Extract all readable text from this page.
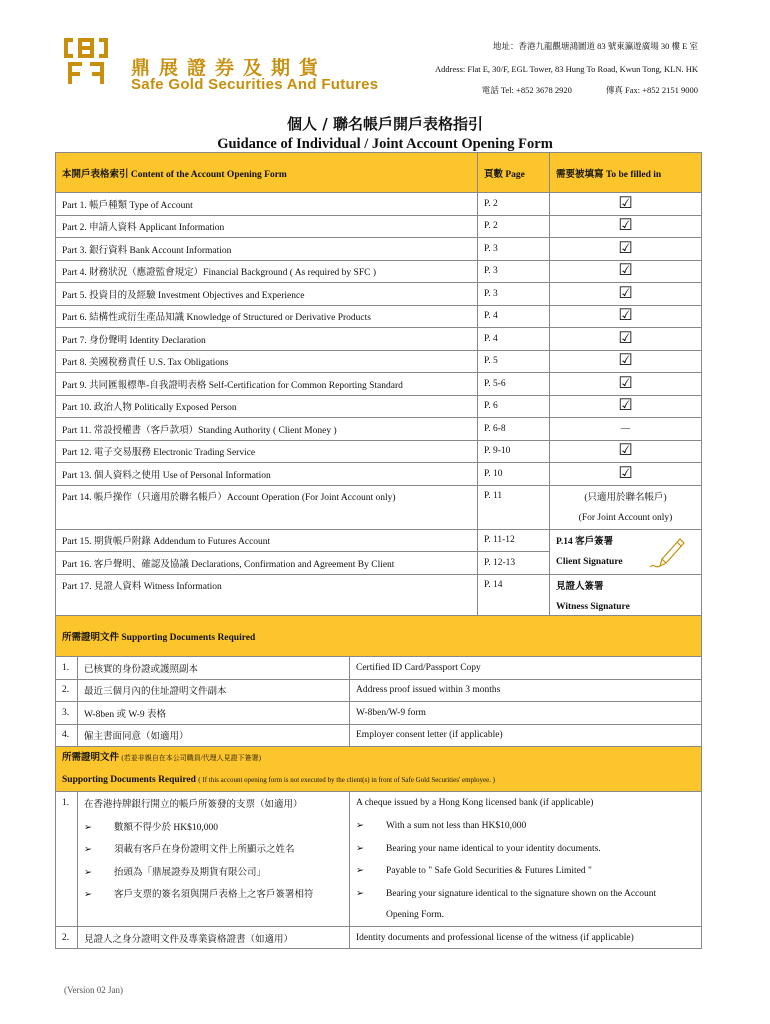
鼎展證券及期貨
Safe Gold Securities And Futures
地址：香港九龍觀塘鴻圖道 83 號東瀛遊廣場 30 樓 E 室
Address: Flat E, 30/F, EGL Tower, 83 Hung To Road, Kwun Tong, KLN. HK
電話 Tel: +852 3678 2920	傳真 Fax: +852 2151 9000
個人 / 聯名帳戶開戶表格指引
Guidance of Individual / Joint Account Opening Form
本開戶表格索引 Content of the Account Opening Form	頁數 Page	需要被填寫 To be filled in
Part 1. 帳戶種類 Type of Account	P. 2	☑
Part 2. 申請人資料 Applicant Information	P. 2	☑
Part 3. 銀行資料 Bank Account Information	P. 3	☑
Part 4. 財務狀況（應證監會規定）Financial Background ( As required by SFC )	P. 3	☑
Part 5. 投資目的及經驗 Investment Objectives and Experience	P. 3	☑
Part 6. 結構性或衍生產品知識 Knowledge of Structured or Derivative Products	P. 4	☑
Part 7. 身份聲明 Identity Declaration	P. 4	☑
Part 8. 美國稅務責任 U.S. Tax Obligations	P. 5	☑
Part 9. 共同匯報標準-自我證明表格 Self-Certification for Common Reporting Standard	P. 5-6	☑
Part 10. 政治人物 Politically Exposed Person	P. 6	☑
Part 11. 常設授權書（客戶款項）Standing Authority ( Client Money )	P. 6-8	—
Part 12. 電子交易服務 Electronic Trading Service	P. 9-10	☑
Part 13. 個人資料之使用 Use of Personal Information	P. 10	☑
Part 14. 帳戶操作（只適用於聯名帳戶）Account Operation (For Joint Account only)	P. 11	(只適用於聯名帳戶)
		(For Joint Account only)
Part 15. 期貨帳戶附錄 Addendum to Futures Account	P. 11-12	P.14 客戶簽署
Part 16. 客戶聲明、確認及協議 Declarations, Confirmation and Agreement By Client	P. 12-13	Client Signature
Part 17. 見證人資料 Witness Information	P. 14	見證人簽署
		Witness Signature
所需證明文件 Supporting Documents Required		
1.	已核實的身份證或護照副本	Certified ID Card/Passport Copy
2.	最近三個月內的住址證明文件副本	Address proof issued within 3 months
3.	W-8ben 或 W-9 表格	W-8ben/W-9 form
4.	僱主書面同意（如適用）	Employer consent letter (if applicable)

所需證明文件 (若並非親自在本公司職員/代理人見證下簽署)
Supporting Documents Required ( If this account opening form is not executed by the client(s) in front of Safe Gold Securities' employee. )		

1.	在香港持牌銀行開立的帳戶所簽發的支票（如適用）	A cheque issued by a Hong Kong licensed bank (if applicable)
	➢ 數額不得少於 HK$10,000	➢ With a sum not less than HK$10,000
	➢ 須載有客戶在身份證明文件上所顯示之姓名	➢ Bearing your name identical to your identity documents.
	➢ 抬頭為「鼎展證券及期貨有限公司」	➢ Payable to " Safe Gold Securities & Futures Limited "
	➢ 客戶支票的簽名須與開戶表格上之客戶簽署相符	➢ Bearing your signature identical to the signature shown on the Account
		Opening Form.
2.	見證人之身分證明文件及專業資格證書（如適用）	Identity documents and professional license of the witness (if applicable)
(Version 02 Jan)
